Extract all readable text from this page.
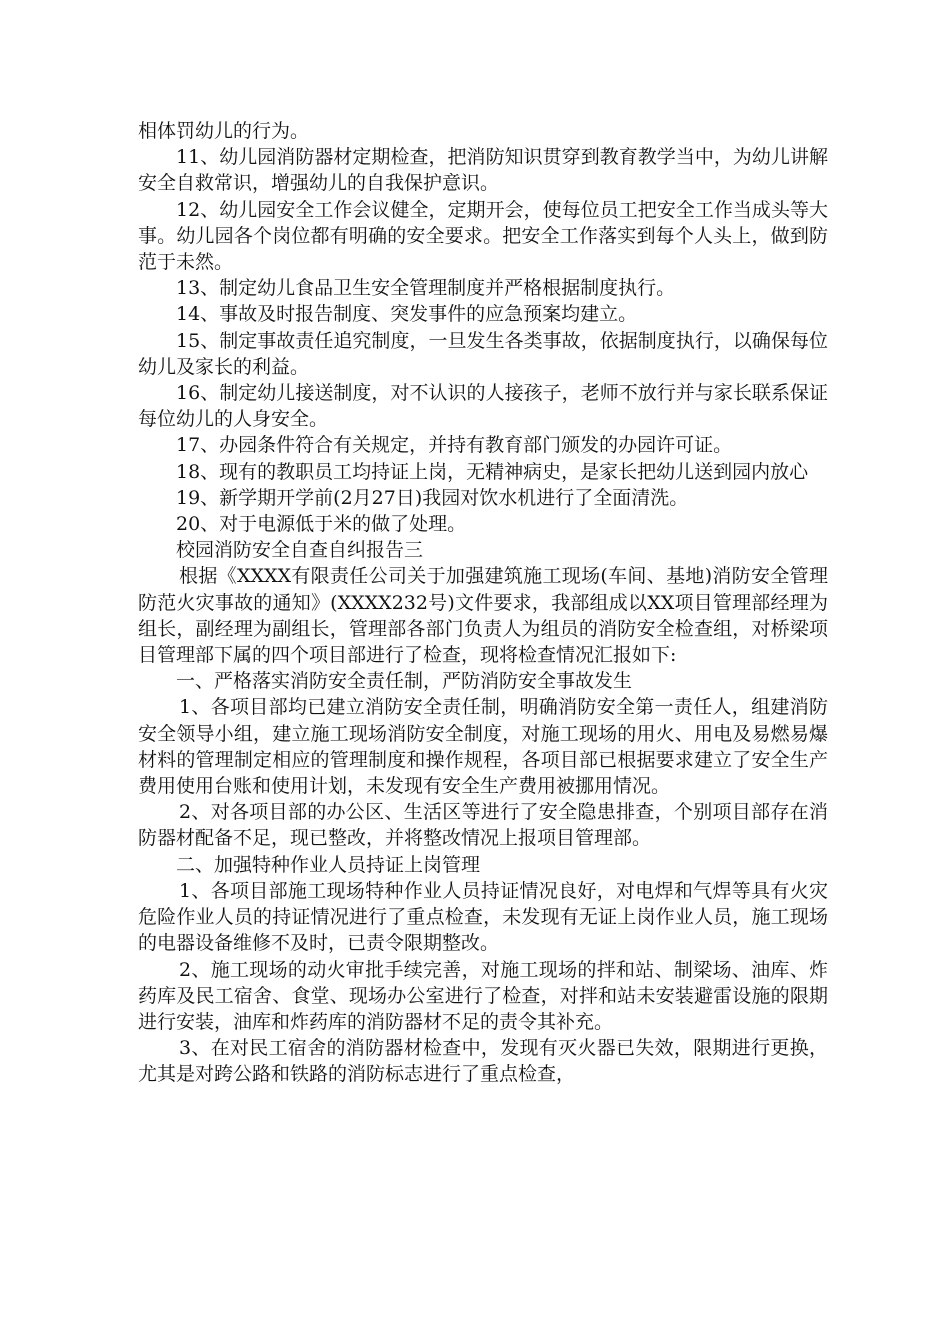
相体罚幼儿的行为。

11、幼儿园消防器材定期检查，把消防知识贯穿到教育教学当中，为幼儿讲解安全自救常识，增强幼儿的自我保护意识。

12、幼儿园安全工作会议健全，定期开会，使每位员工把安全工作当成头等大事。幼儿园各个岗位都有明确的安全要求。把安全工作落实到每个人头上，做到防范于未然。

13、制定幼儿食品卫生安全管理制度并严格根据制度执行。

14、事故及时报告制度、突发事件的应急预案均建立。

15、制定事故责任追究制度，一旦发生各类事故，依据制度执行，以确保每位幼儿及家长的利益。

16、制定幼儿接送制度，对不认识的人接孩子，老师不放行并与家长联系保证每位幼儿的人身安全。

17、办园条件符合有关规定，并持有教育部门颁发的办园许可证。

18、现有的教职员工均持证上岗，无精神病史，是家长把幼儿送到园内放心

19、新学期开学前(2月27日)我园对饮水机进行了全面清洗。

20、对于电源低于米的做了处理。

校园消防安全自查自纠报告三

根据《XXXX有限责任公司关于加强建筑施工现场(车间、基地)消防安全管理防范火灾事故的通知》(XXXX232号)文件要求，我部组成以XX项目管理部经理为组长，副经理为副组长，管理部各部门负责人为组员的消防安全检查组，对桥梁项目管理部下属的四个项目部进行了检查，现将检查情况汇报如下:

一、严格落实消防安全责任制，严防消防安全事故发生

1、各项目部均已建立消防安全责任制，明确消防安全第一责任人，组建消防安全领导小组，建立施工现场消防安全制度，对施工现场的用火、用电及易燃易爆材料的管理制定相应的管理制度和操作规程，各项目部已根据要求建立了安全生产费用使用台账和使用计划，未发现有安全生产费用被挪用情况。

2、对各项目部的办公区、生活区等进行了安全隐患排查，个别项目部存在消防器材配备不足，现已整改，并将整改情况上报项目管理部。

二、加强特种作业人员持证上岗管理

1、各项目部施工现场特种作业人员持证情况良好，对电焊和气焊等具有火灾危险作业人员的持证情况进行了重点检查，未发现有无证上岗作业人员，施工现场的电器设备维修不及时，已责令限期整改。

2、施工现场的动火审批手续完善，对施工现场的拌和站、制梁场、油库、炸药库及民工宿舍、食堂、现场办公室进行了检查，对拌和站未安装避雷设施的限期进行安装，油库和炸药库的消防器材不足的责令其补充。

3、在对民工宿舍的消防器材检查中，发现有灭火器已失效，限期进行更换，尤其是对跨公路和铁路的消防标志进行了重点检查，
